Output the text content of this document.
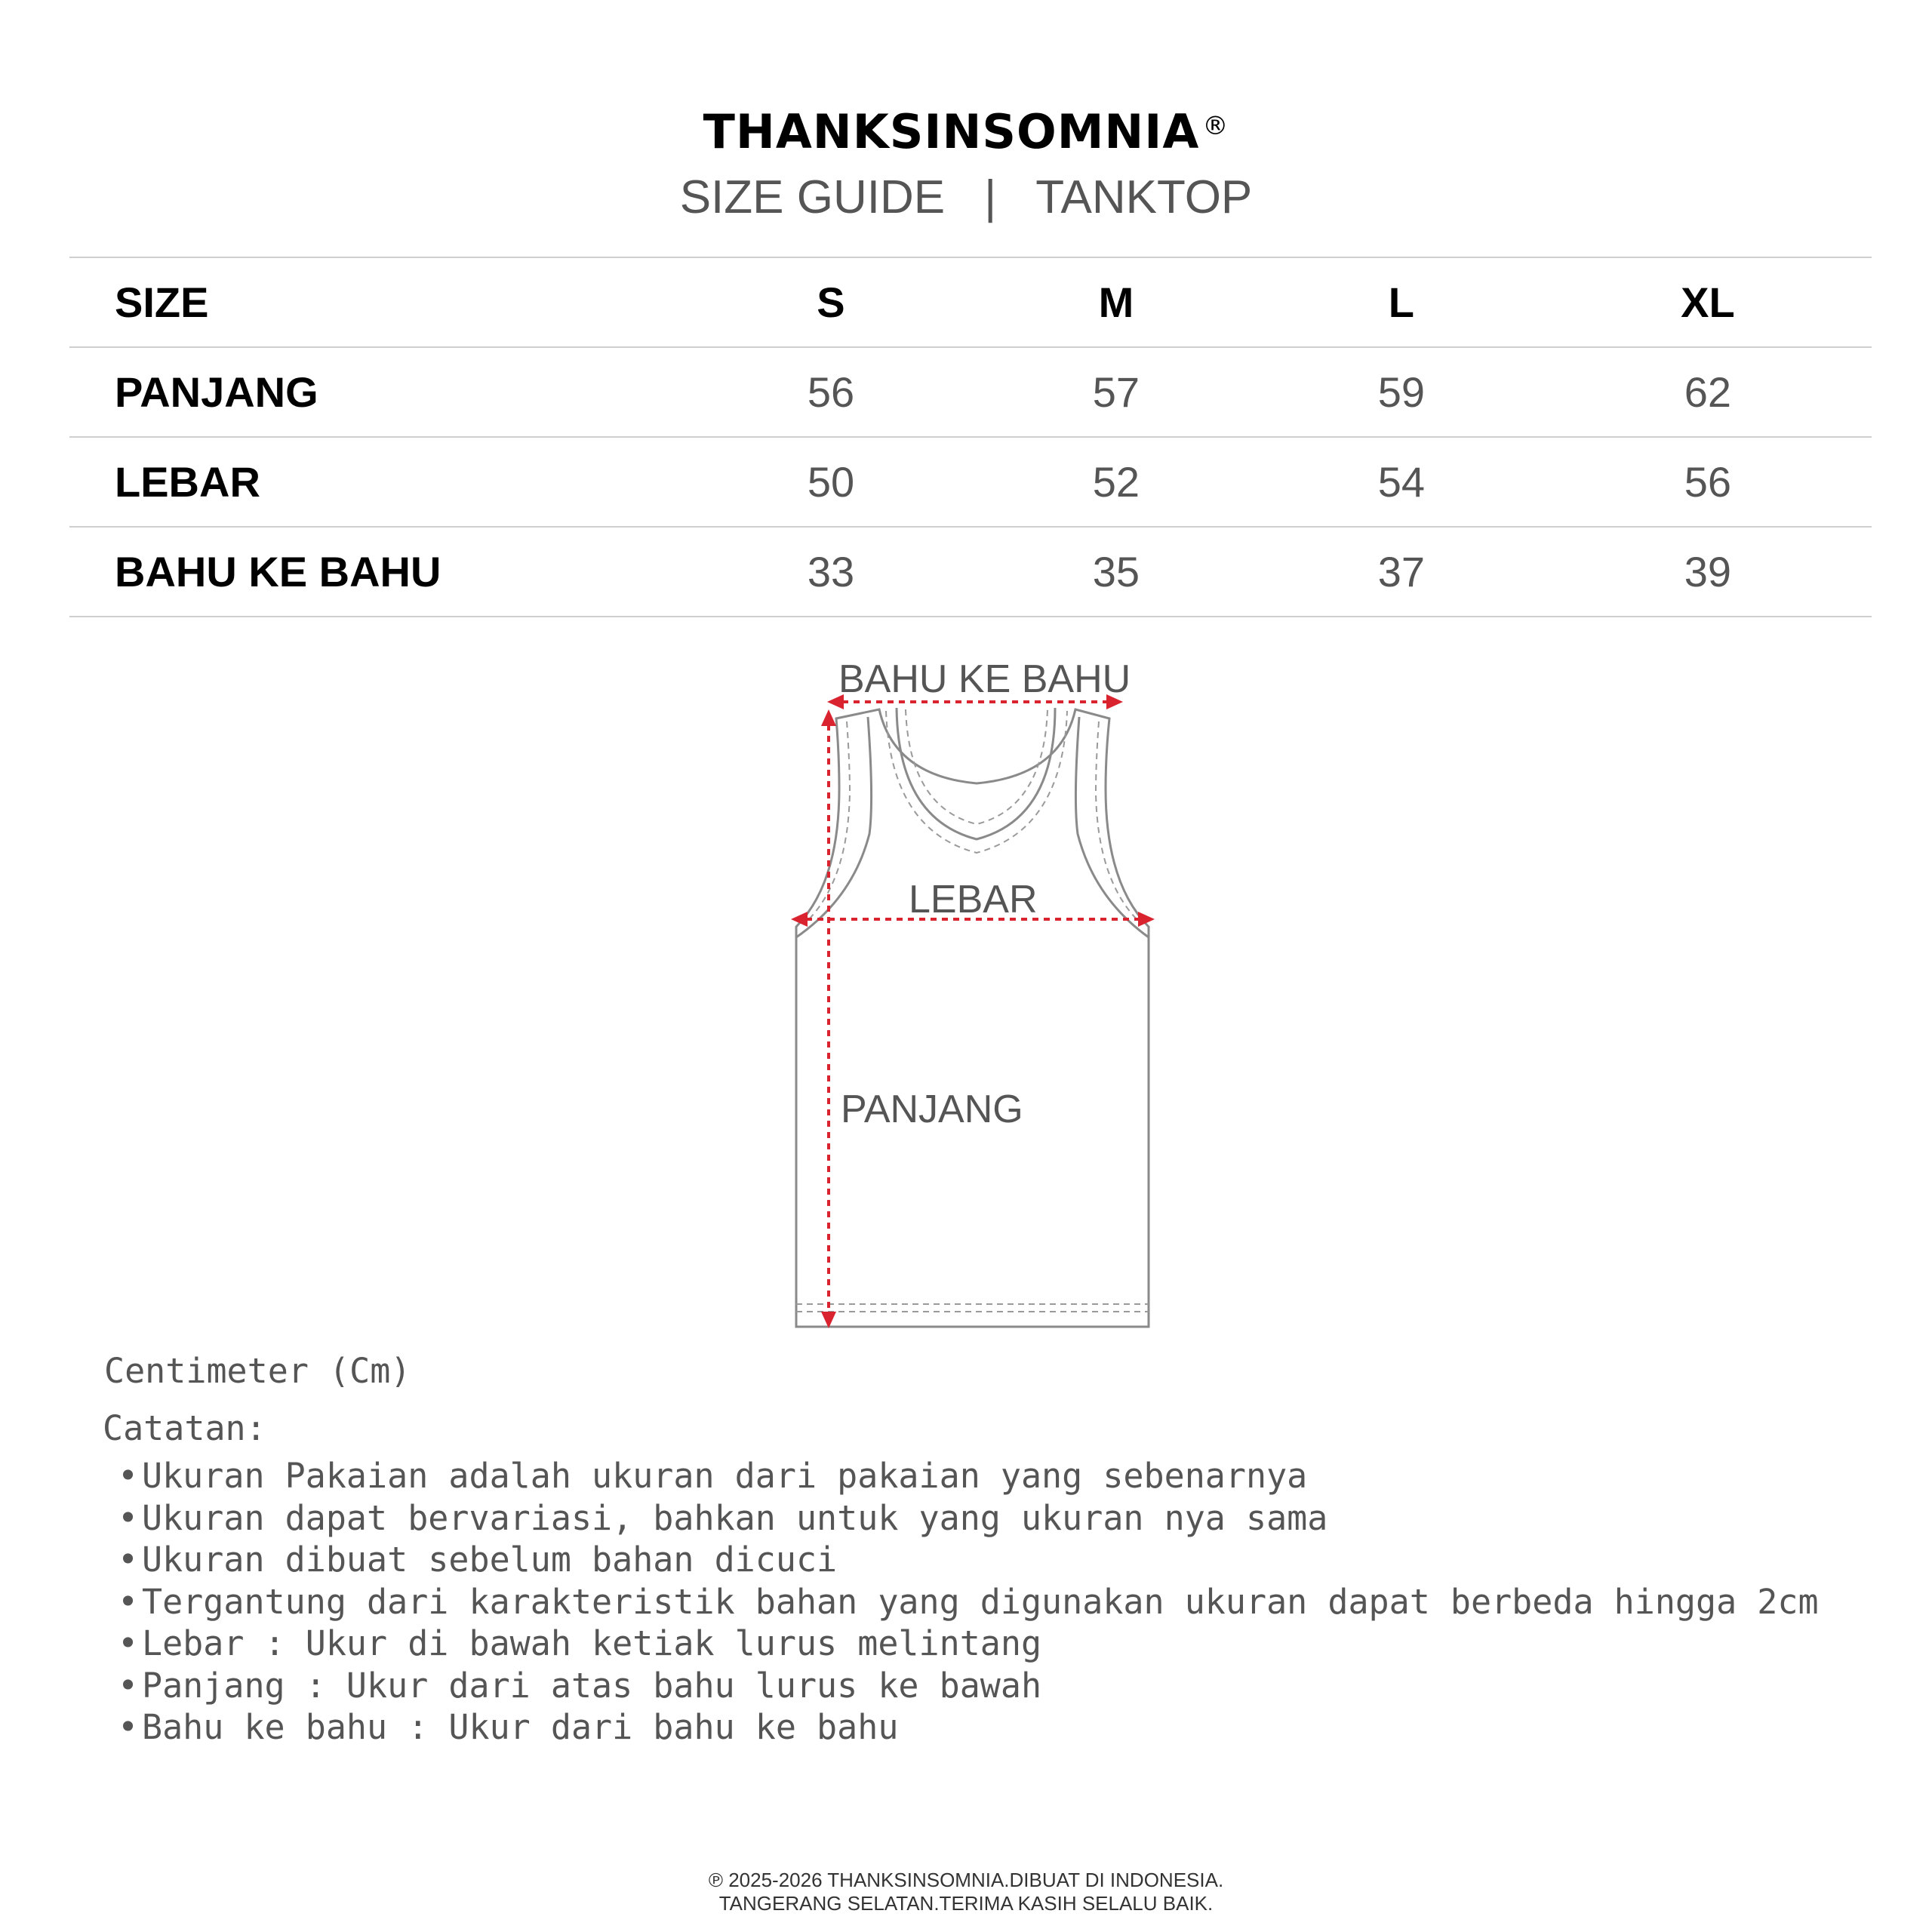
THANKSINSOMNIA ®
SIZE GUIDE | TANKTOP
SIZE	S	M	L	XL
PANJANG	56	57	59	62
LEBAR	50	52	54	56
BAHU KE BAHU	33	35	37	39
BAHU KE BAHU
LEBAR
PANJANG
Centimeter (Cm)
Catatan:
• Ukuran Pakaian adalah ukuran dari pakaian yang sebenarnya
• Ukuran dapat bervariasi, bahkan untuk yang ukuran nya sama
• Ukuran dibuat sebelum bahan dicuci
• Tergantung dari karakteristik bahan yang digunakan ukuran dapat berbeda hingga 2cm
• Lebar : Ukur di bawah ketiak lurus melintang
• Panjang : Ukur dari atas bahu lurus ke bawah
• Bahu ke bahu : Ukur dari bahu ke bahu
℗ 2025-2026 THANKSINSOMNIA.DIBUAT DI INDONESIA.
TANGERANG SELATAN.TERIMA KASIH SELALU BAIK.
